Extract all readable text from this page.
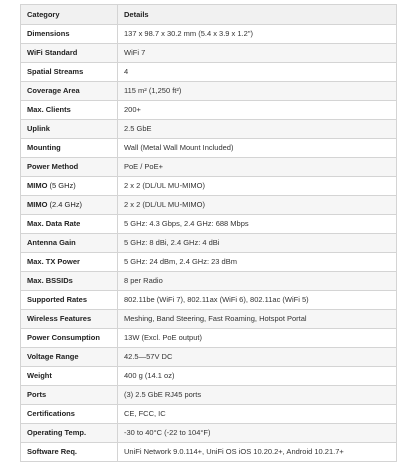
Category	Details
Dimensions	137 x 98.7 x 30.2 mm (5.4 x 3.9 x 1.2")
WiFi Standard	WiFi 7
Spatial Streams	4
Coverage Area	115 m² (1,250 ft²)
Max. Clients	200+
Uplink	2.5 GbE
Mounting	Wall (Metal Wall Mount Included)
Power Method	PoE / PoE+
MIMO (5 GHz)	2 x 2 (DL/UL MU-MIMO)
MIMO (2.4 GHz)	2 x 2 (DL/UL MU-MIMO)
Max. Data Rate	5 GHz: 4.3 Gbps, 2.4 GHz: 688 Mbps
Antenna Gain	5 GHz: 8 dBi, 2.4 GHz: 4 dBi
Max. TX Power	5 GHz: 24 dBm, 2.4 GHz: 23 dBm
Max. BSSIDs	8 per Radio
Supported Rates	802.11be (WiFi 7), 802.11ax (WiFi 6), 802.11ac (WiFi 5)
Wireless Features	Meshing, Band Steering, Fast Roaming, Hotspot Portal
Power Consumption	13W (Excl. PoE output)
Voltage Range	42.5—57V DC
Weight	400 g (14.1 oz)
Ports	(3) 2.5 GbE RJ45 ports
Certifications	CE, FCC, IC
Operating Temp.	-30 to 40°C (-22 to 104°F)
Software Req.	UniFi Network 9.0.114+, UniFi OS iOS 10.20.2+, Android 10.21.7+
